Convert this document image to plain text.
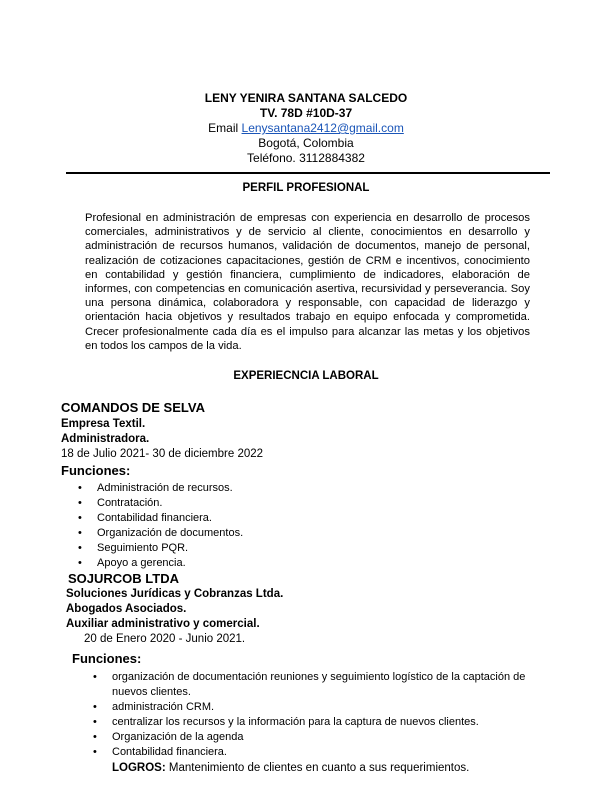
LENY YENIRA SANTANA SALCEDO
TV. 78D #10D-37
Email Lenysantana2412@gmail.com
Bogotá, Colombia
Teléfono. 3112884382
PERFIL PROFESIONAL
Profesional en administración de empresas con experiencia en desarrollo de procesos comerciales, administrativos y de servicio al cliente, conocimientos en desarrollo y administración de recursos humanos, validación de documentos, manejo de personal, realización de cotizaciones capacitaciones, gestión de CRM e incentivos, conocimiento en contabilidad y gestión financiera, cumplimiento de indicadores, elaboración de informes, con competencias en comunicación asertiva, recursividad y perseverancia. Soy una persona dinámica, colaboradora y responsable, con capacidad de liderazgo y orientación hacia objetivos y resultados trabajo en equipo enfocada y comprometida. Crecer profesionalmente cada día es el impulso para alcanzar las metas y los objetivos en todos los campos de la vida.
EXPERIECNCIA LABORAL
COMANDOS DE SELVA
Empresa Textil.
Administradora.
18 de Julio 2021- 30 de diciembre 2022
Funciones:
• Administración de recursos.
• Contratación.
• Contabilidad financiera.
• Organización de documentos.
• Seguimiento PQR.
• Apoyo a gerencia.
SOJURCOB LTDA
Soluciones Jurídicas y Cobranzas Ltda.
Abogados Asociados.
Auxiliar administrativo y comercial.
20 de Enero 2020 - Junio 2021.
Funciones:
• organización de documentación reuniones y seguimiento logístico de la captación de nuevos clientes.
• administración CRM.
• centralizar los recursos y la información para la captura de nuevos clientes.
• Organización de la agenda
• Contabilidad financiera.
LOGROS: Mantenimiento de clientes en cuanto a sus requerimientos.
